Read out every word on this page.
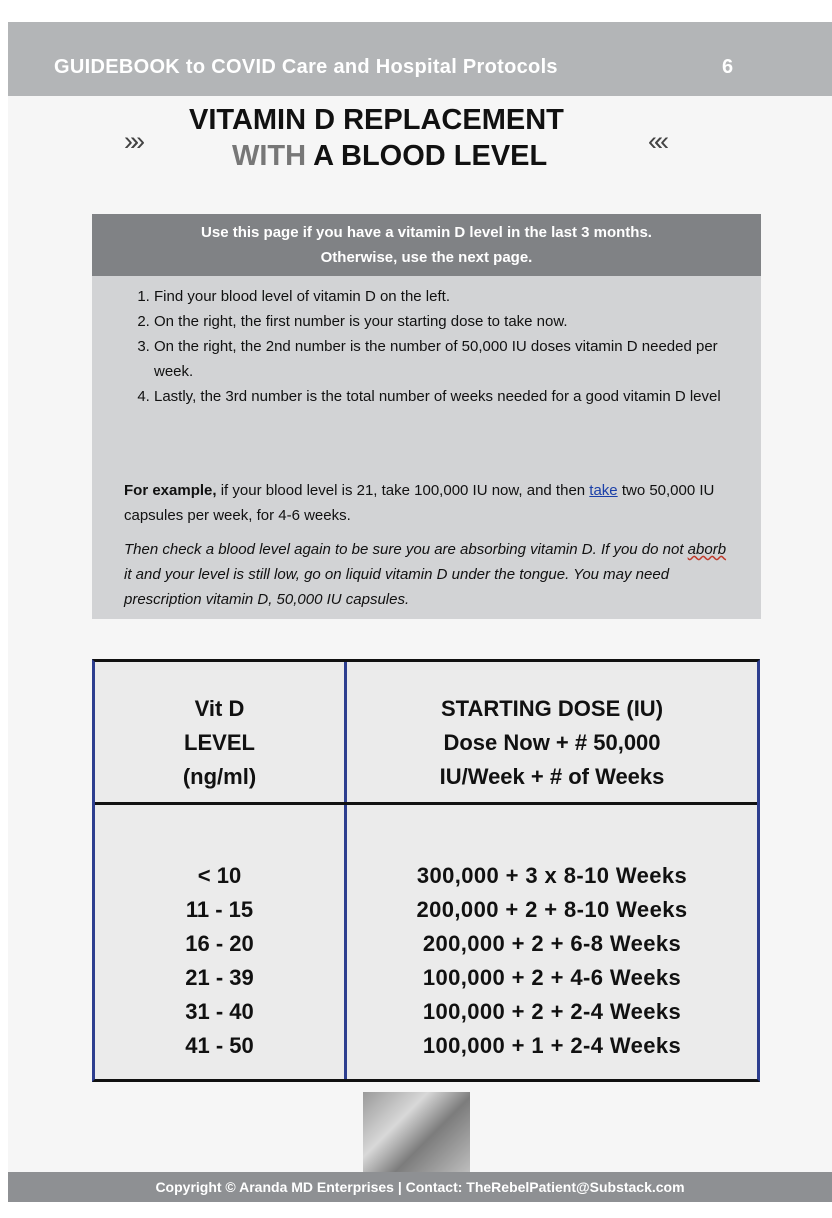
GUIDEBOOK to COVID Care and Hospital Protocols	6
»»
VITAMIN D REPLACEMENT
WITH A BLOOD LEVEL	««
Use this page if you have a vitamin D level in the last 3 months.
Otherwise, use the next page.
1. Find your blood level of vitamin D on the left.
2. On the right, the first number is your starting dose to take now.
3. On the right, the 2nd number is the number of 50,000 IU doses vitamin D needed per week.
4. Lastly, the 3rd number is the total number of weeks needed for a good vitamin D level
For example, if your blood level is 21, take 100,000 IU now, and then take two 50,000 IU capsules per week, for 4-6 weeks.
Then check a blood level again to be sure you are absorbing vitamin D. If you do not aborb it and your level is still low, go on liquid vitamin D under the tongue. You may need prescription vitamin D, 50,000 IU capsules.
Vit D
LEVEL
(ng/ml)
STARTING DOSE (IU)
Dose Now + # 50,000
IU/Week + # of Weeks
< 10
11 - 15
16 - 20
21 - 39
31 - 40
41 - 50
300,000 + 3 x 8-10 Weeks
200,000 + 2 + 8-10 Weeks
200,000 + 2 + 6-8 Weeks
100,000 + 2 + 4-6 Weeks
100,000 + 2 + 2-4 Weeks
100,000 + 1 + 2-4 Weeks
Copyright © Aranda MD Enterprises | Contact: TheRebelPatient@Substack.com
